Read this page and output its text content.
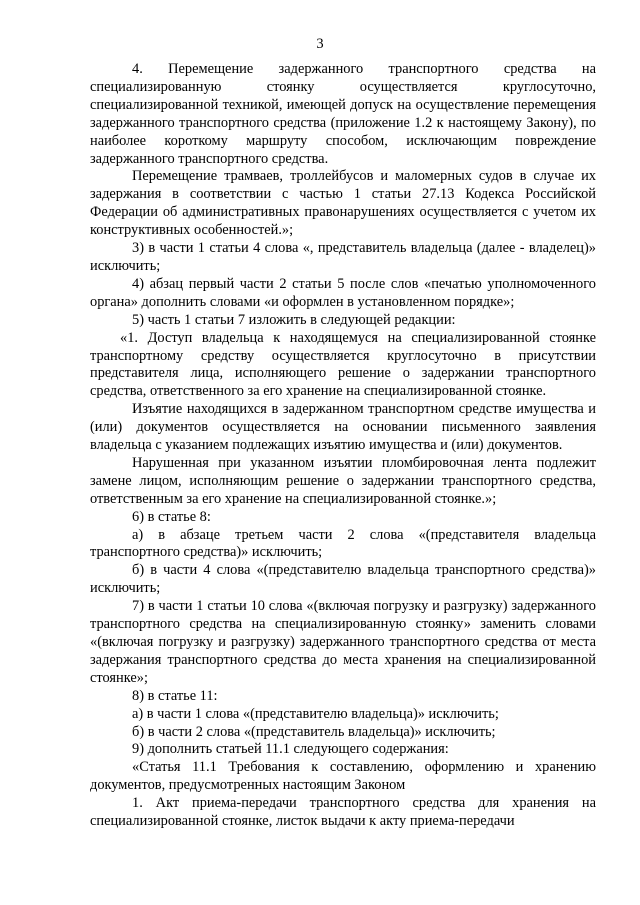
3

4. Перемещение задержанного транспортного средства на специализированную стоянку осуществляется круглосуточно, специализированной техникой, имеющей допуск на осуществление перемещения задержанного транспортного средства (приложение 1.2 к настоящему Закону), по наиболее короткому маршруту способом, исключающим повреждение задержанного транспортного средства.

Перемещение трамваев, троллейбусов и маломерных судов в случае их задержания в соответствии с частью 1 статьи 27.13 Кодекса Российской Федерации об административных правонарушениях осуществляется с учетом их конструктивных особенностей.»;

3) в части 1 статьи 4 слова «, представитель владельца (далее - владелец)» исключить;

4) абзац первый части 2 статьи 5 после слов «печатью уполномоченного органа» дополнить словами «и оформлен в установленном порядке»;

5) часть 1 статьи 7 изложить в следующей редакции:

«1. Доступ владельца к находящемуся на специализированной стоянке транспортному средству осуществляется круглосуточно в присутствии представителя лица, исполняющего решение о задержании транспортного средства, ответственного за его хранение на специализированной стоянке.

Изъятие находящихся в задержанном транспортном средстве имущества и (или) документов осуществляется на основании письменного заявления владельца с указанием подлежащих изъятию имущества и (или) документов.

Нарушенная при указанном изъятии пломбировочная лента подлежит замене лицом, исполняющим решение о задержании транспортного средства, ответственным за его хранение на специализированной стоянке.»;

6) в статье 8:

а) в абзаце третьем части 2 слова «(представителя владельца транспортного средства)» исключить;

б) в части 4 слова «(представителю владельца транспортного средства)» исключить;

7) в части 1 статьи 10 слова «(включая погрузку и разгрузку) задержанного транспортного средства на специализированную стоянку» заменить словами «(включая погрузку и разгрузку) задержанного транспортного средства от места задержания транспортного средства до места хранения на специализированной стоянке»;

8) в статье 11:

а) в части 1 слова «(представителю владельца)» исключить;

б) в части 2 слова «(представитель владельца)» исключить;

9) дополнить статьей 11.1 следующего содержания:

«Статья 11.1 Требования к составлению, оформлению и хранению документов, предусмотренных настоящим Законом

1. Акт приема-передачи транспортного средства для хранения на специализированной стоянке, листок выдачи к акту приема-передачи
